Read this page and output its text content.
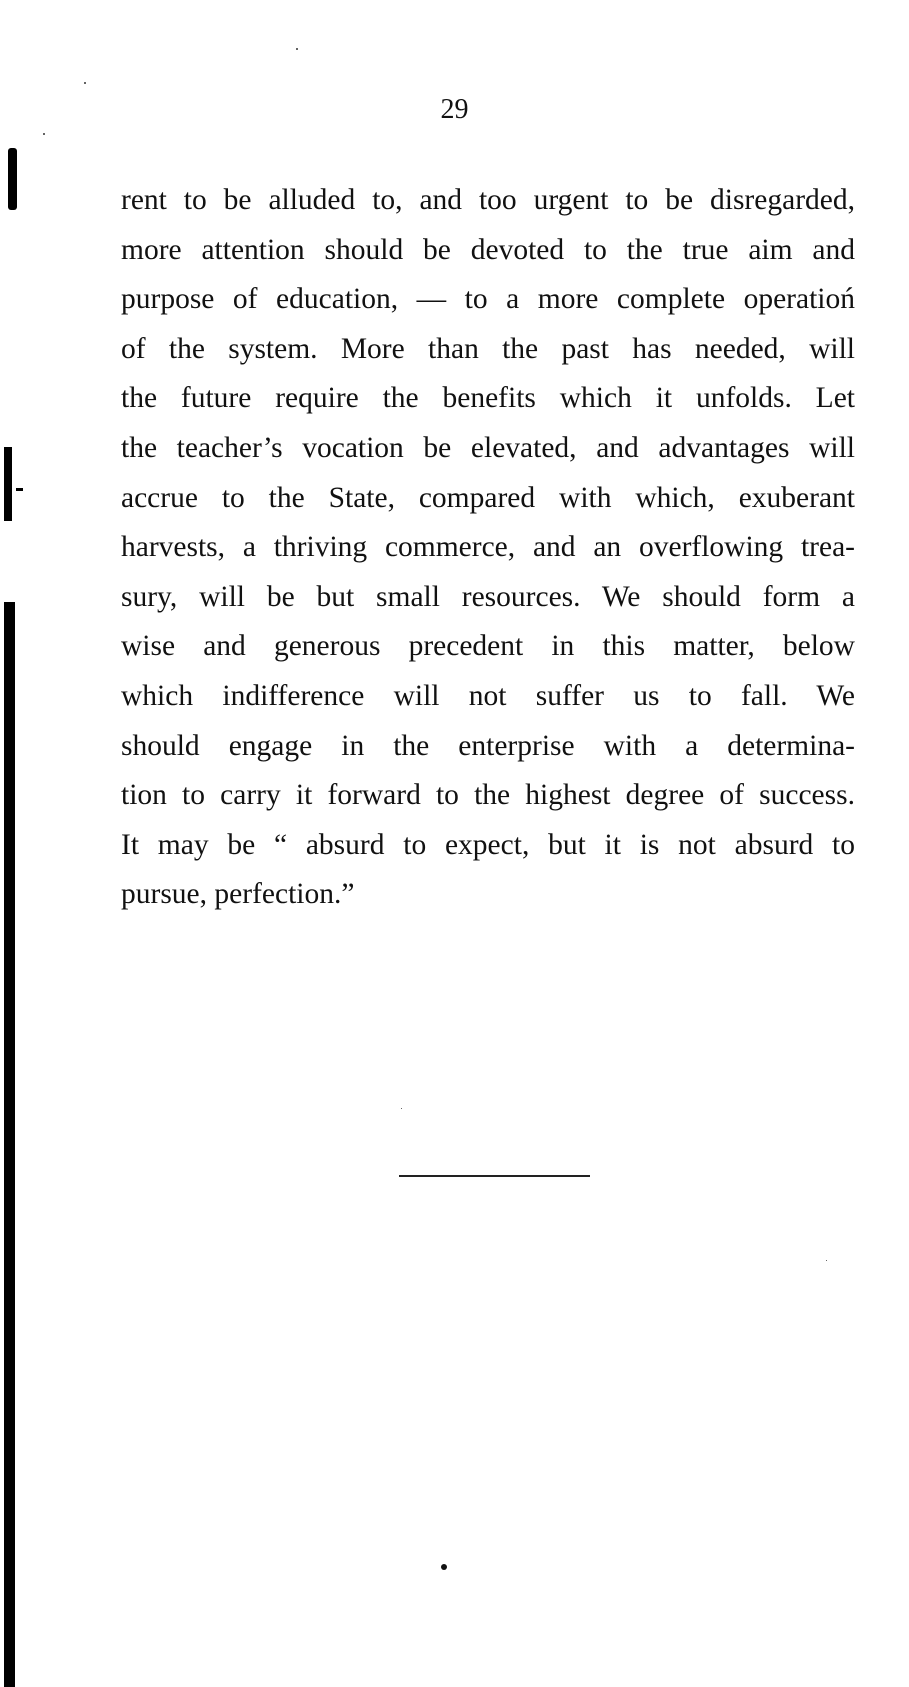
29
rent to be alluded to, and too urgent to be disregarded,
more attention should be devoted to the true aim and
purpose of education, — to a more complete operatioń
of the system. More than the past has needed, will
the future require the benefits which it unfolds. Let
the teacher’s vocation be elevated, and advantages will
accrue to the State, compared with which, exuberant
harvests, a thriving commerce, and an overflowing trea-
sury, will be but small resources. We should form a
wise and generous precedent in this matter, below
which indifference will not suffer us to fall. We
should engage in the enterprise with a determina-
tion to carry it forward to the highest degree of success.
It may be “ absurd to expect, but it is not absurd to
pursue, perfection.”
